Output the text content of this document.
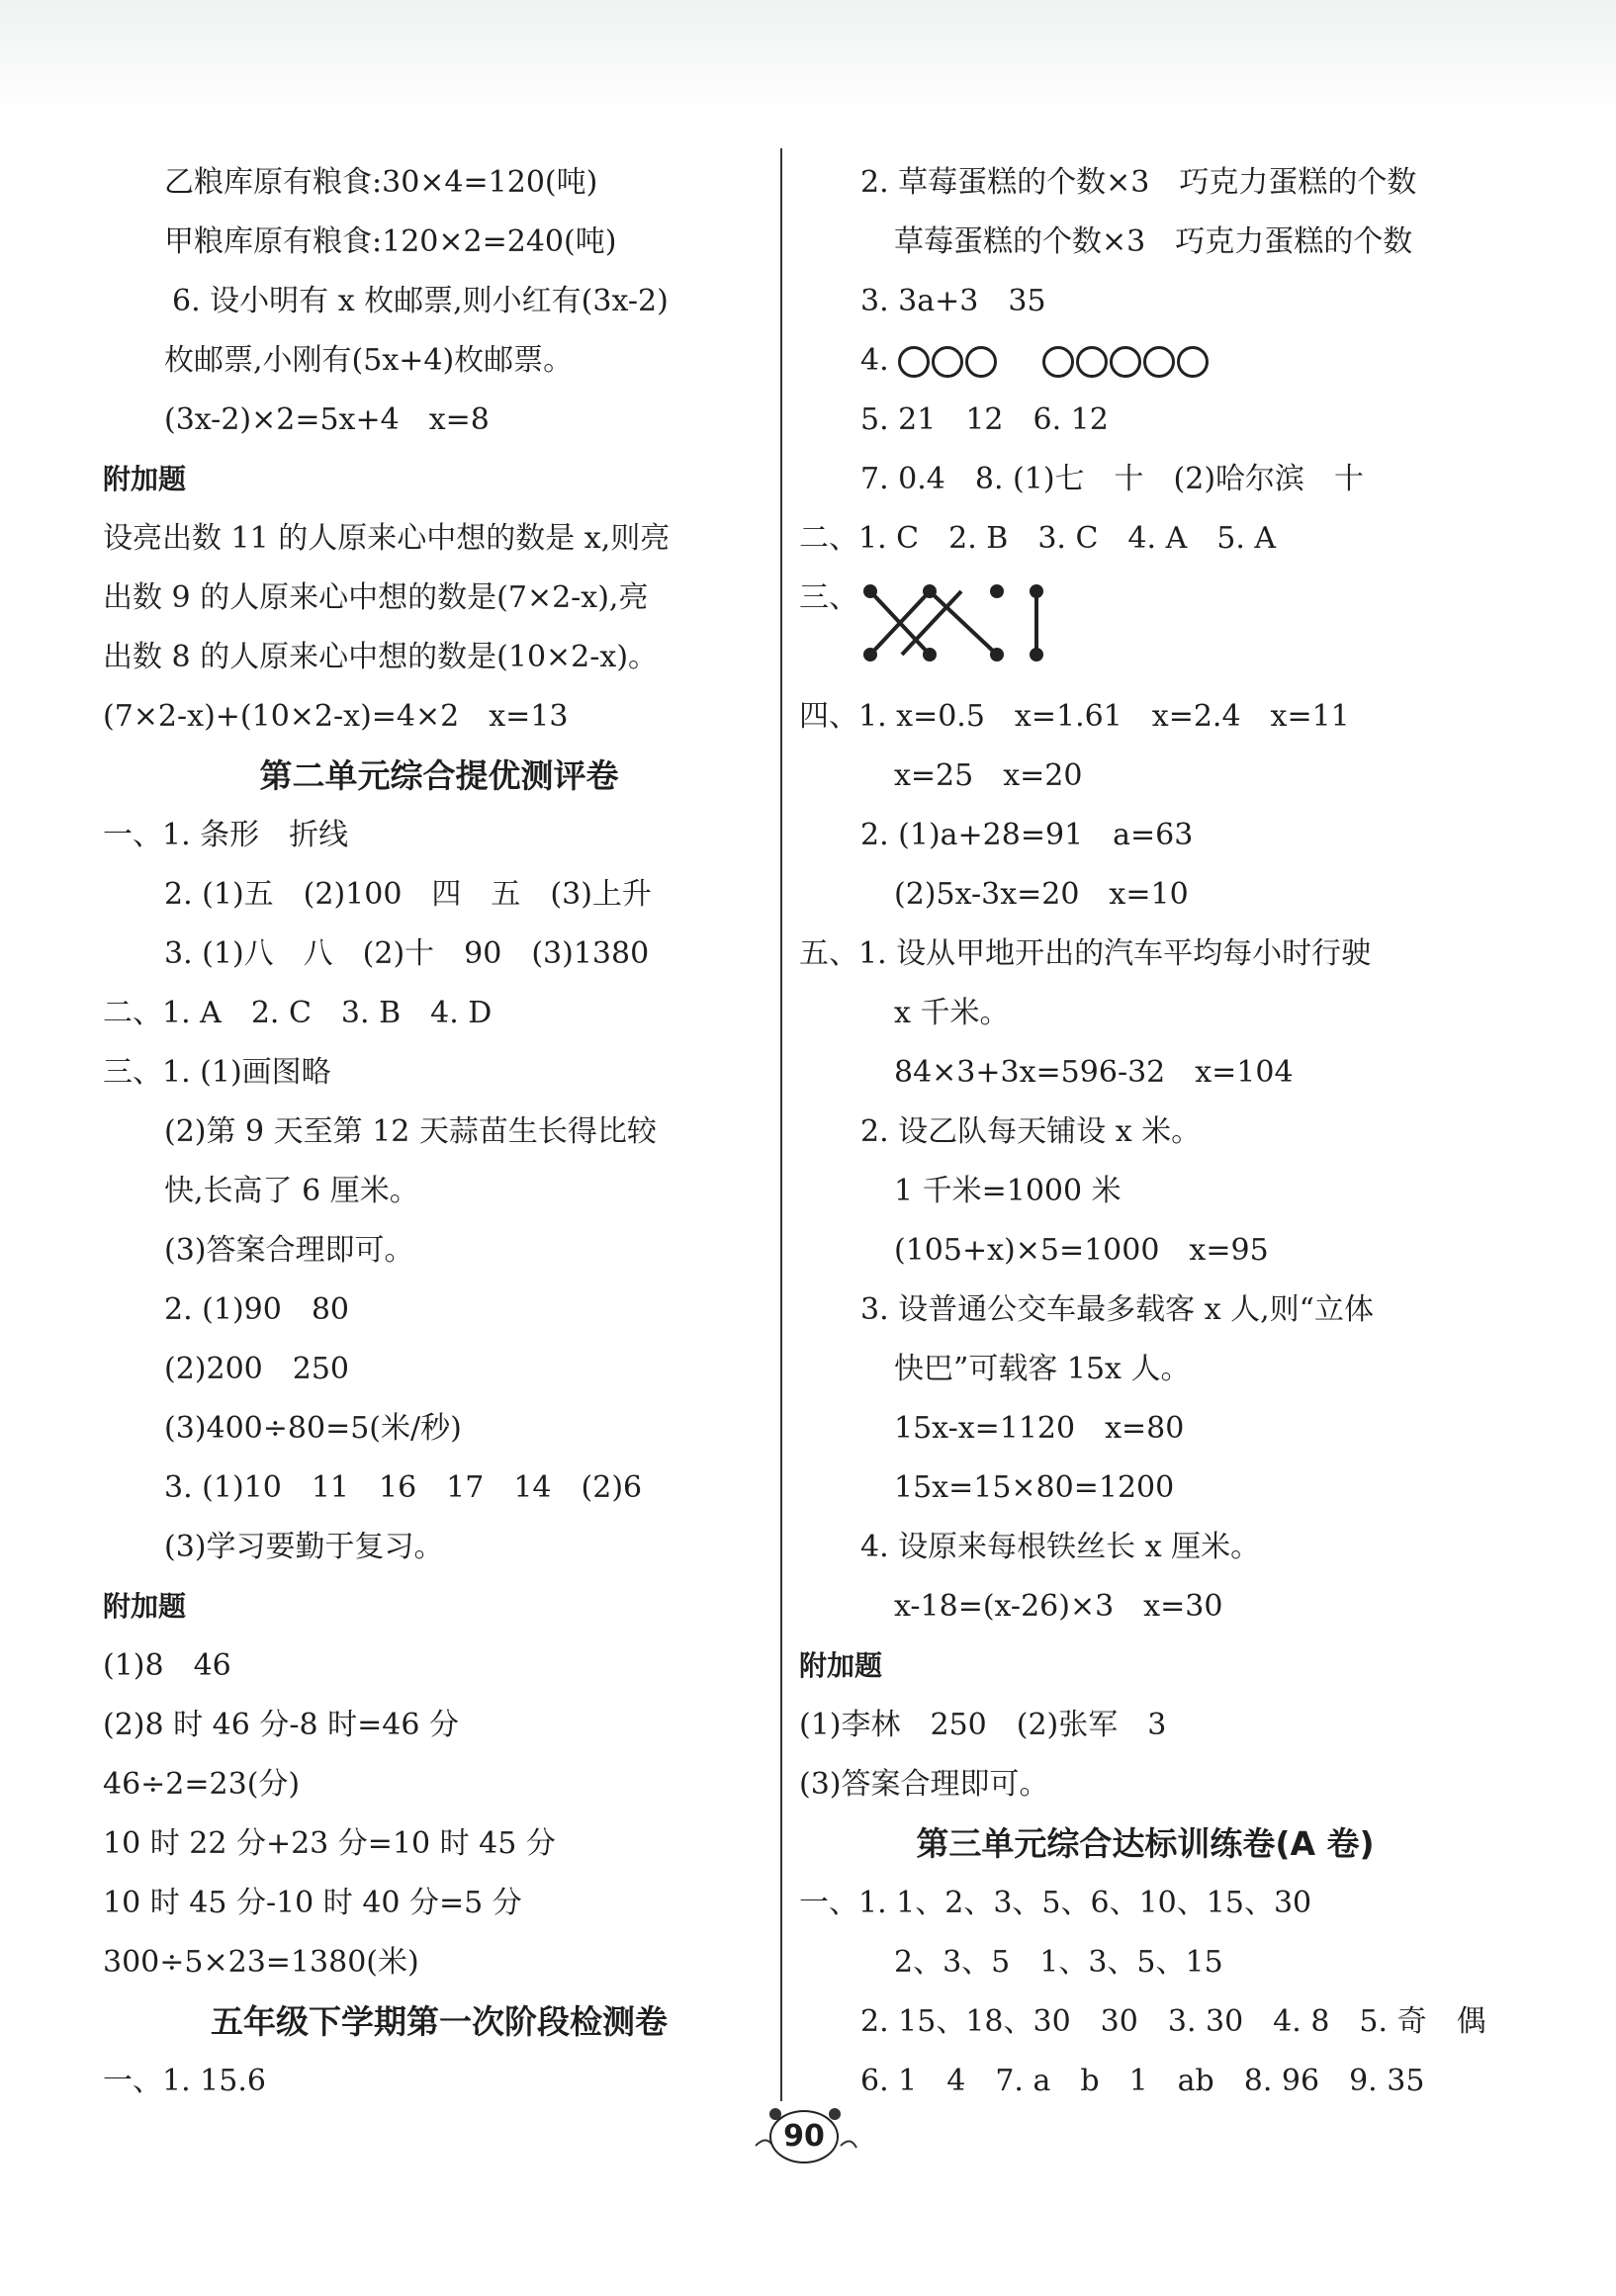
乙粮库原有粮食:30×4=120(吨)
甲粮库原有粮食:120×2=240(吨)
6. 设小明有 x 枚邮票,则小红有(3x-2)
枚邮票,小刚有(5x+4)枚邮票。
(3x-2)×2=5x+4　x=8
附加题
设亮出数 11 的人原来心中想的数是 x,则亮
出数 9 的人原来心中想的数是(7×2-x),亮
出数 8 的人原来心中想的数是(10×2-x)。
(7×2-x)+(10×2-x)=4×2　x=13
第二单元综合提优测评卷
一、1. 条形　折线
2. (1)五　(2)100　四　五　(3)上升
3. (1)八　八　(2)十　90　(3)1380
二、1. A　2. C　3. B　4. D
三、1. (1)画图略
(2)第 9 天至第 12 天蒜苗生长得比较
快,长高了 6 厘米。
(3)答案合理即可。
2. (1)90　80
(2)200　250
(3)400÷80=5(米/秒)
3. (1)10　11　16　17　14　(2)6
(3)学习要勤于复习。
附加题
(1)8　46
(2)8 时 46 分-8 时=46 分
46÷2=23(分)
10 时 22 分+23 分=10 时 45 分
10 时 45 分-10 时 40 分=5 分
300÷5×23=1380(米)
五年级下学期第一次阶段检测卷
一、1. 15.6
2. 草莓蛋糕的个数×3　巧克力蛋糕的个数
草莓蛋糕的个数×3　巧克力蛋糕的个数
3. 3a+3　35
4.

5. 21　12　6. 12
7. 0.4　8. (1)七　十　(2)哈尔滨　十
二、1. C　2. B　3. C　4. A　5. A
三、
四、1. x=0.5　x=1.61　x=2.4　x=11
x=25　x=20
2. (1)a+28=91　a=63
(2)5x-3x=20　x=10
五、1. 设从甲地开出的汽车平均每小时行驶
x 千米。
84×3+3x=596-32　x=104
2. 设乙队每天铺设 x 米。
1 千米=1000 米
(105+x)×5=1000　x=95
3. 设普通公交车最多载客 x 人,则“立体
快巴”可载客 15x 人。
15x-x=1120　x=80
15x=15×80=1200
4. 设原来每根铁丝长 x 厘米。
x-18=(x-26)×3　x=30
附加题
(1)李林　250　(2)张军　3
(3)答案合理即可。
第三单元综合达标训练卷(A 卷)
一、1. 1、2、3、5、6、10、15、30
2、3、5　1、3、5、15
2. 15、18、30　30　3. 30　4. 8　5. 奇　偶
6. 1　4　7. a　b　1　ab　8. 96　9. 35
90
